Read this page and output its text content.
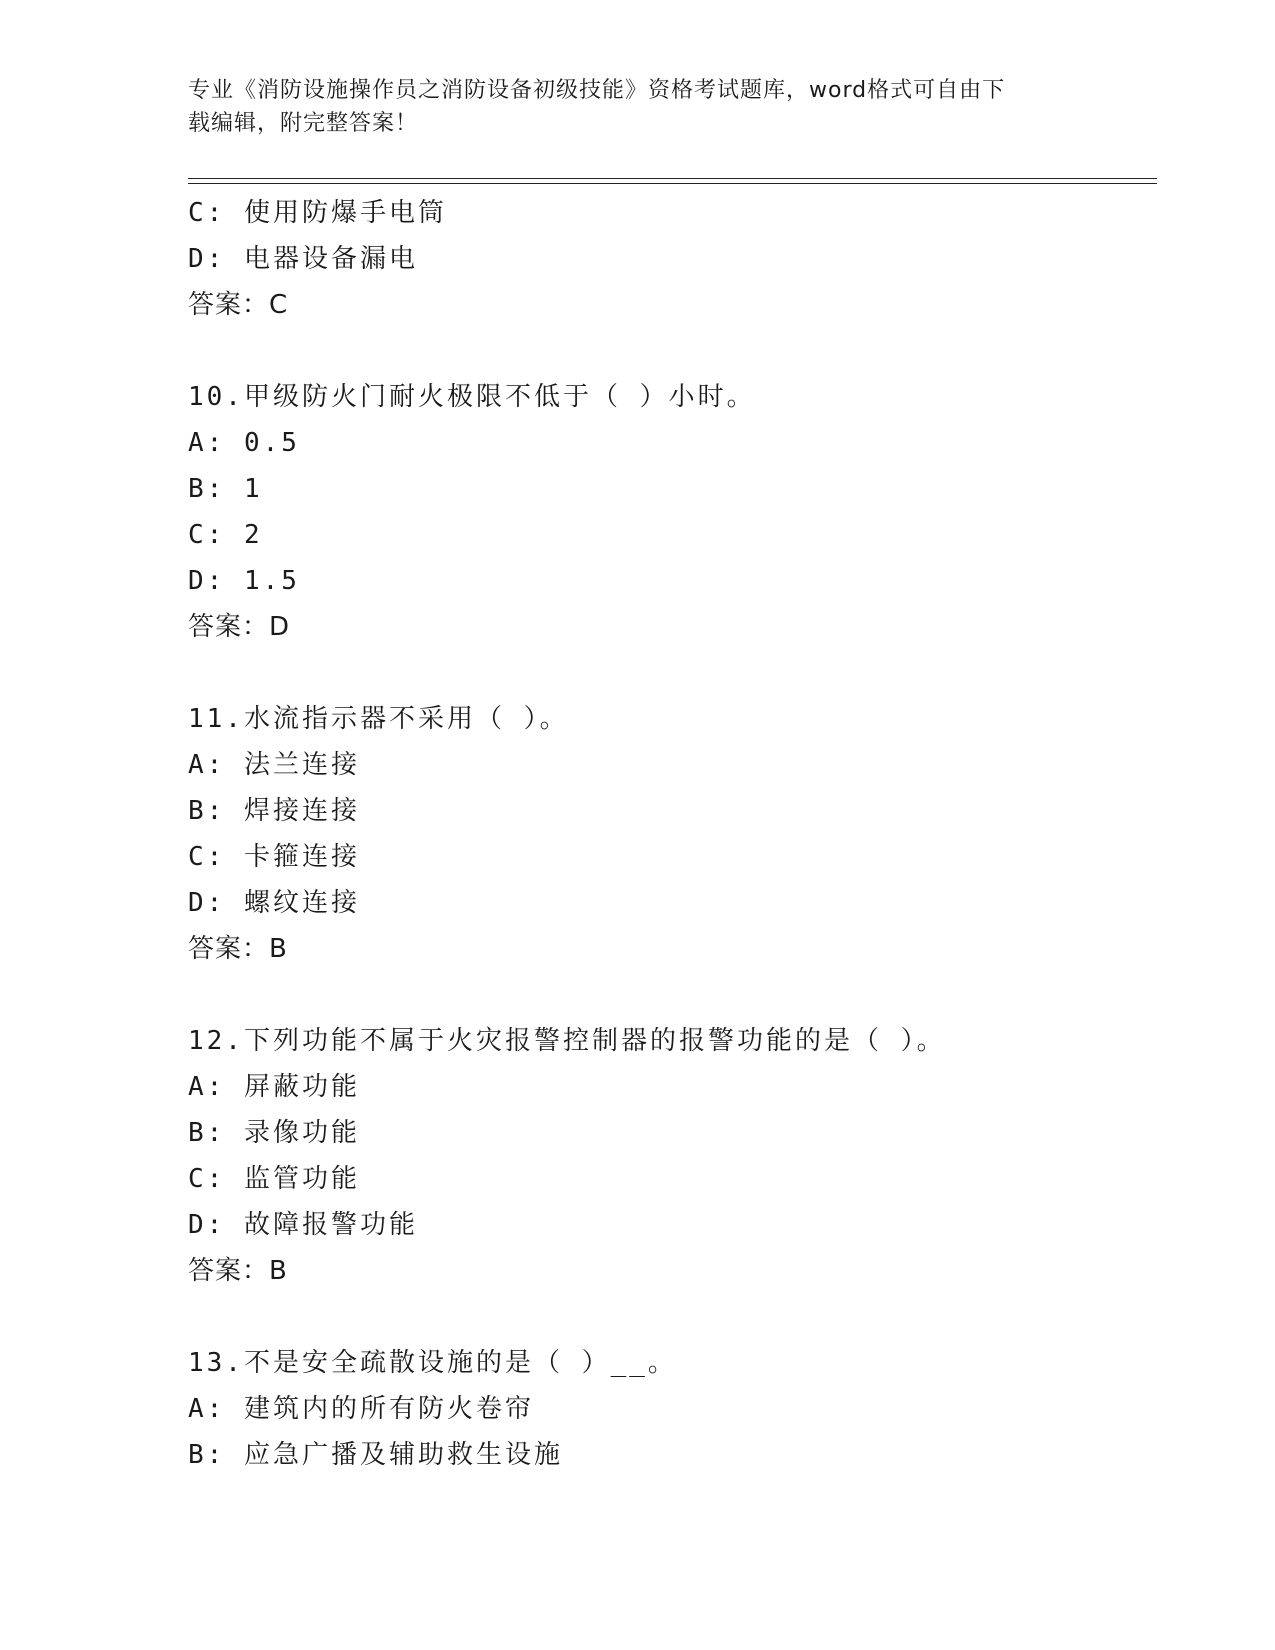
专业《消防设施操作员之消防设备初级技能》资格考试题库，word格式可自由下
载编辑，附完整答案！
C: 使用防爆手电筒
D: 电器设备漏电
答案：C
10.甲级防火门耐火极限不低于（ ）小时。
A: 0.5
B: 1
C: 2
D: 1.5
答案：D
11.水流指示器不采用（ ）。
A: 法兰连接
B: 焊接连接
C: 卡箍连接
D: 螺纹连接
答案：B
12.下列功能不属于火灾报警控制器的报警功能的是（ ）。
A: 屏蔽功能
B: 录像功能
C: 监管功能
D: 故障报警功能
答案：B
13.不是安全疏散设施的是（ ）__。
A: 建筑内的所有防火卷帘
B: 应急广播及辅助救生设施
